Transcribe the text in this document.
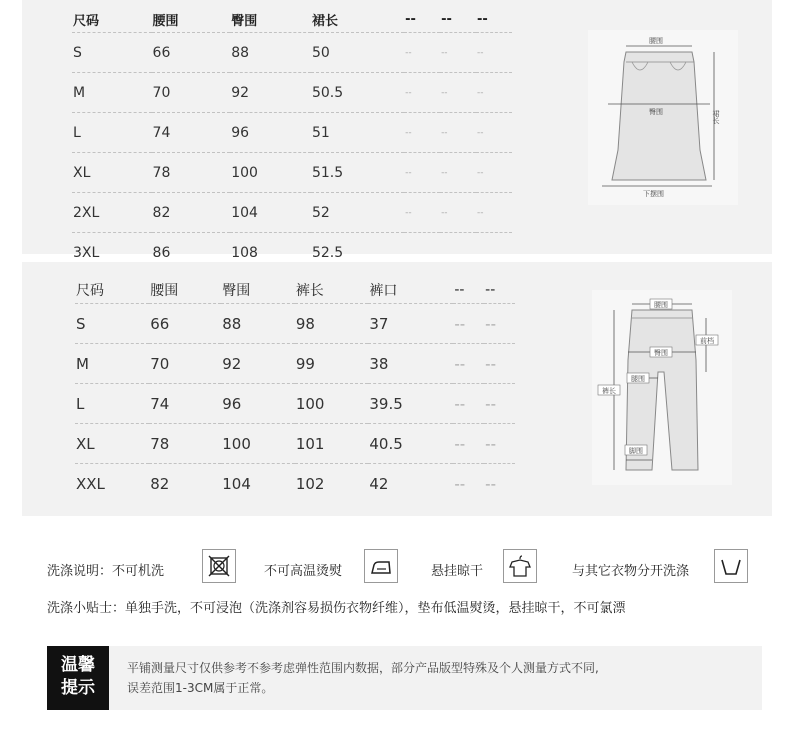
尺码	腰围	臀围	裙长	--	--	--
S	66	88	50	--	--	--
M	70	92	50.5	--	--	--
L	74	96	51	--	--	--
XL	78	100	51.5	--	--	--
2XL	82	104	52	--	--	--
3XL	86	108	52.5			
腰围
臀围	裙长
下摆围
尺码	腰围	臀围	裤长	裤口	--	--
S	66	88	98	37	--	--
M	70	92	99	38	--	--
L	74	96	100	39.5	--	--
XL	78	100	101	40.5	--	--
XXL	82	104	102	42	--	--
腰围
前档
臀围
腿围
裤长
脚围
洗涤说明：不可机洗	不可高温烫熨	悬挂晾干	与其它衣物分开洗涤
洗涤小贴士：单独手洗，不可浸泡（洗涤剂容易损伤衣物纤维），垫布低温熨烫，悬挂晾干，不可氯漂
温馨
提示
平铺测量尺寸仅供参考不参考虑弹性范围内数据，部分产品版型特殊及个人测量方式不同,
误差范围1-3CM属于正常。
